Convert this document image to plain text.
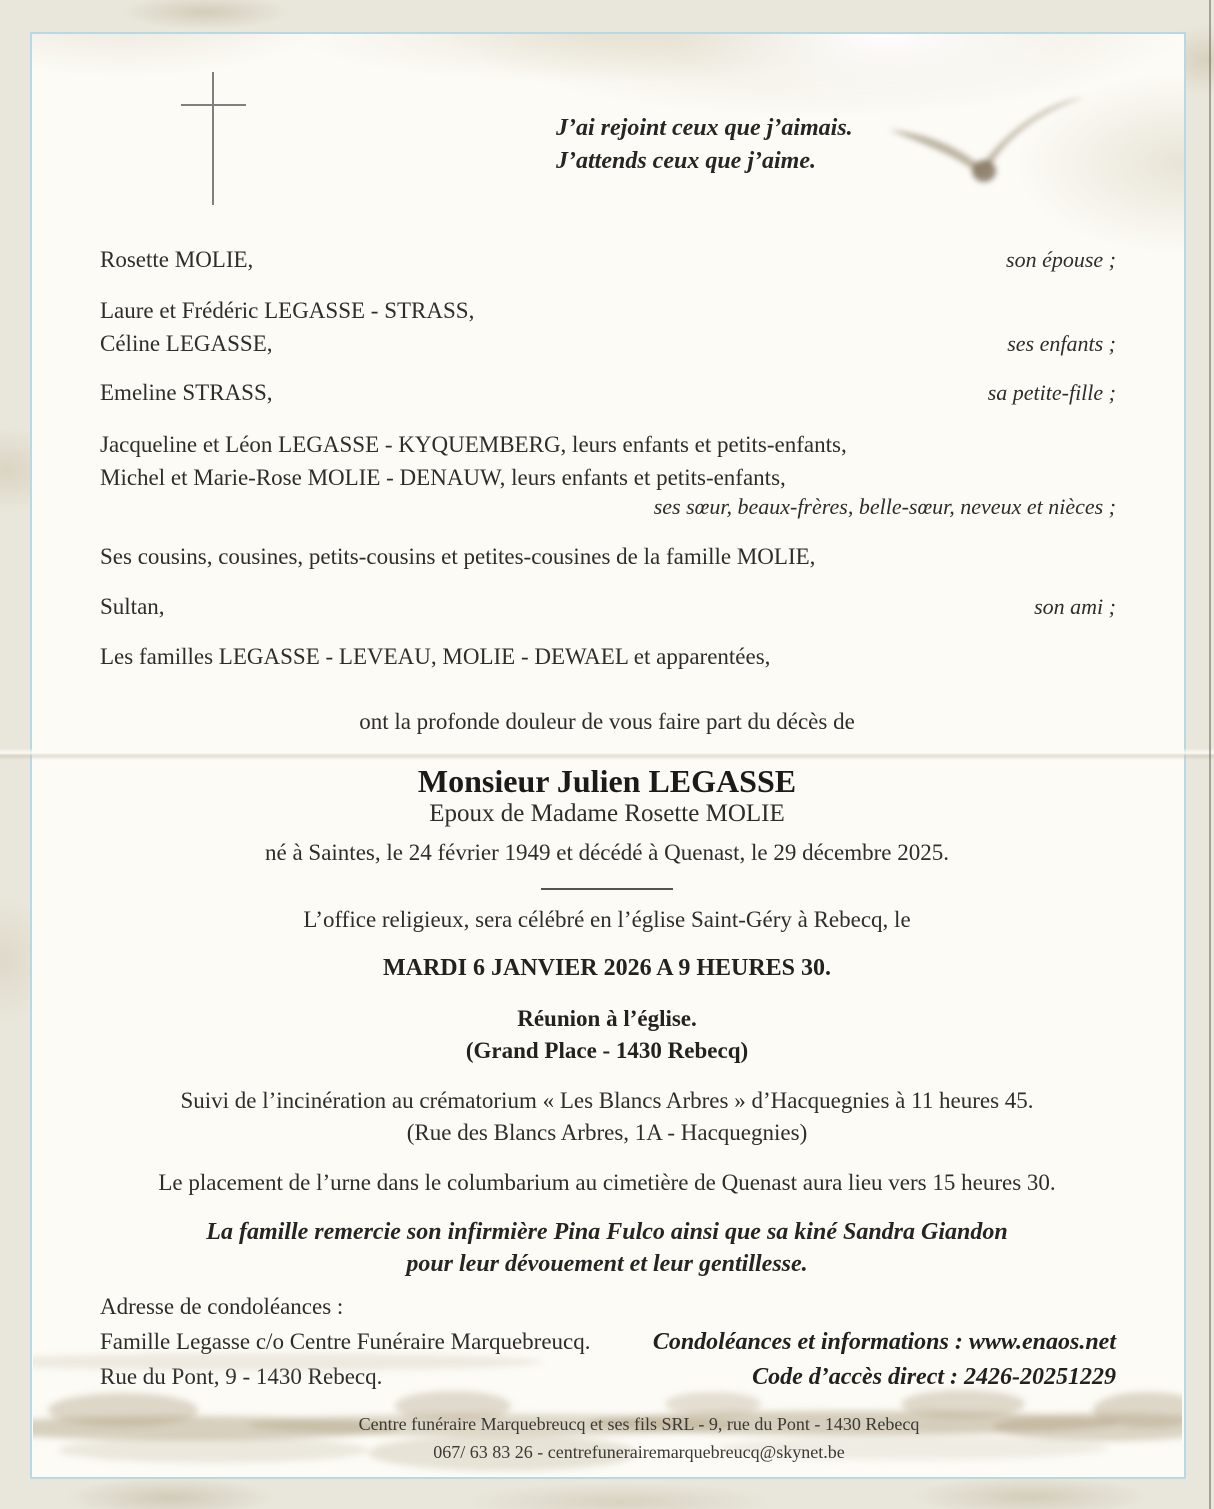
J’ai rejoint ceux que j’aimais.
J’attends ceux que j’aime.
Rosette MOLIE,	son épouse ;
Laure et Frédéric LEGASSE - STRASS,
Céline LEGASSE,	ses enfants ;
Emeline STRASS,	sa petite-fille ;
Jacqueline et Léon LEGASSE - KYQUEMBERG, leurs enfants et petits-enfants,
Michel et Marie-Rose MOLIE - DENAUW, leurs enfants et petits-enfants,
ses sœur, beaux-frères, belle-sœur, neveux et nièces ;
Ses cousins, cousines, petits-cousins et petites-cousines de la famille MOLIE,
Sultan,	son ami ;
Les familles LEGASSE - LEVEAU, MOLIE - DEWAEL et apparentées,
ont la profonde douleur de vous faire part du décès de
Monsieur Julien LEGASSE
Epoux de Madame Rosette MOLIE
né à Saintes, le 24 février 1949 et décédé à Quenast, le 29 décembre 2025.
L’office religieux, sera célébré en l’église Saint-Géry à Rebecq, le
MARDI 6 JANVIER 2026 A 9 HEURES 30.
Réunion à l’église.
(Grand Place - 1430 Rebecq)
Suivi de l’incinération au crématorium « Les Blancs Arbres » d’Hacquegnies à 11 heures 45.
(Rue des Blancs Arbres, 1A - Hacquegnies)
Le placement de l’urne dans le columbarium au cimetière de Quenast aura lieu vers 15 heures 30.
La famille remercie son infirmière Pina Fulco ainsi que sa kiné Sandra Giandon
pour leur dévouement et leur gentillesse.
Adresse de condoléances :
Famille Legasse c/o Centre Funéraire Marquebreucq.
Rue du Pont, 9 - 1430 Rebecq.
Condoléances et informations : www.enaos.net
Code d’accès direct : 2426-20251229
Centre funéraire Marquebreucq et ses fils SRL - 9, rue du Pont - 1430 Rebecq
067/ 63 83 26 - centrefunerairemarquebreucq@skynet.be
